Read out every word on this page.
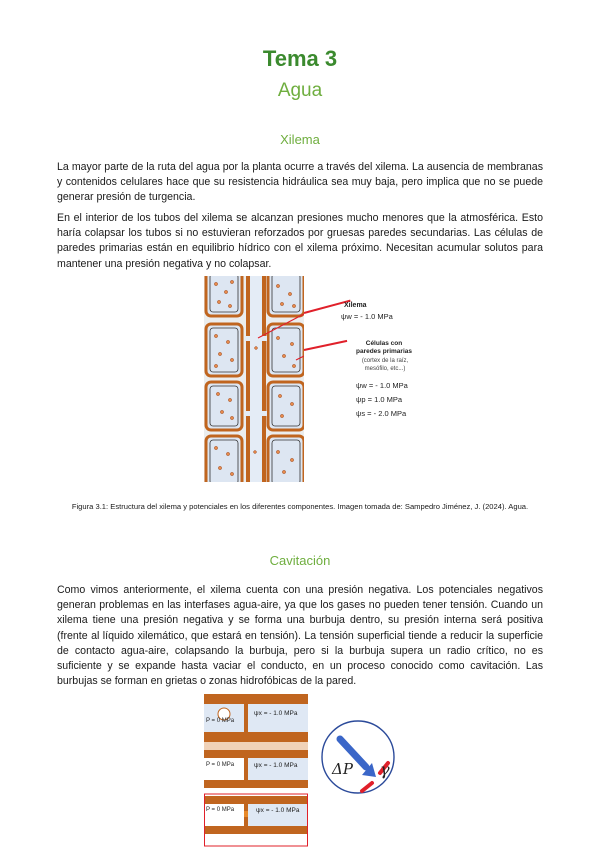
Tema 3
Agua
Xilema

La mayor parte de la ruta del agua por la planta ocurre a través del xilema. La ausencia de membranas y contenidos celulares hace que su resistencia hidráulica sea muy baja, pero implica que no se puede generar presión de turgencia.

En el interior de los tubos del xilema se alcanzan presiones mucho menores que la atmosférica. Esto haría colapsar los tubos si no estuvieran reforzados por gruesas paredes secundarias. Las células de paredes primarias están en equilibrio hídrico con el xilema próximo. Necesitan acumular solutos para mantener una presión negativa y no colapsar.

Xilema
ψw = - 1.0 MPa
Células con paredes primarias
(cortex de la raíz, mesófilo, etc...)
ψw = - 1.0 MPa
ψp = 1.0 MPa
ψs = - 2.0 MPa
Figura 3.1: Estructura del xilema y potenciales en los diferentes componentes. Imagen tomada de: Sampedro Jiménez, J. (2024). Agua.
Cavitación

Como vimos anteriormente, el xilema cuenta con una presión negativa. Los potenciales negativos generan problemas en las interfases agua-aire, ya que los gases no pueden tener tensión. Cuando un xilema tiene una presión negativa y se forma una burbuja dentro, su presión interna será positiva (frente al líquido xilemático, que estará en tensión). La tensión superficial tiende a reducir la superficie de contacto agua-aire, colapsando la burbuja, pero si la burbuja supera un radio crítico, no es suficiente y se expande hasta vaciar el conducto, en un proceso conocido como cavitación. Las burbujas se forman en grietas o zonas hidrofóbicas de la pared.

P = 0 MPa
ψx = - 1.0 MPa
P = 0 MPa	ψx = - 1.0 MPa
P = 0 MPa	ψx = - 1.0 MPa
ΔP γ
